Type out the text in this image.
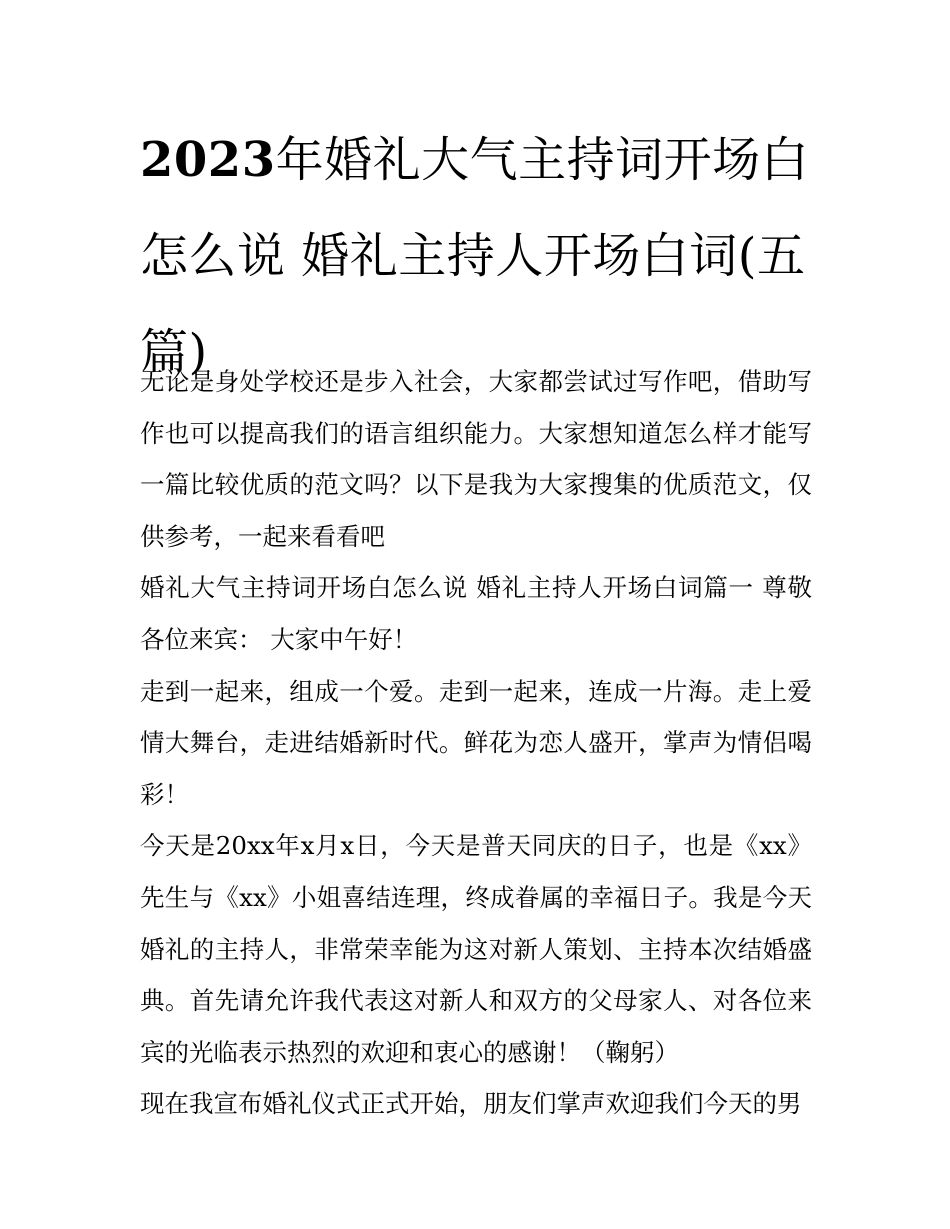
2023年婚礼大气主持词开场白怎么说 婚礼主持人开场白词(五篇)

无论是身处学校还是步入社会，大家都尝试过写作吧，借助写作也可以提高我们的语言组织能力。大家想知道怎么样才能写一篇比较优质的范文吗？以下是我为大家搜集的优质范文，仅供参考，一起来看看吧

婚礼大气主持词开场白怎么说 婚礼主持人开场白词篇一 尊敬各位来宾： 大家中午好！

走到一起来，组成一个爱。走到一起来，连成一片海。走上爱情大舞台，走进结婚新时代。鲜花为恋人盛开，掌声为情侣喝彩！

今天是20xx年x月x日，今天是普天同庆的日子，也是《xx》先生与《xx》小姐喜结连理，终成眷属的幸福日子。我是今天婚礼的主持人，非常荣幸能为这对新人策划、主持本次结婚盛典。首先请允许我代表这对新人和双方的父母家人、对各位来宾的光临表示热烈的欢迎和衷心的感谢！（鞠躬）

现在我宣布婚礼仪式正式开始，朋友们掌声欢迎我们今天的男
